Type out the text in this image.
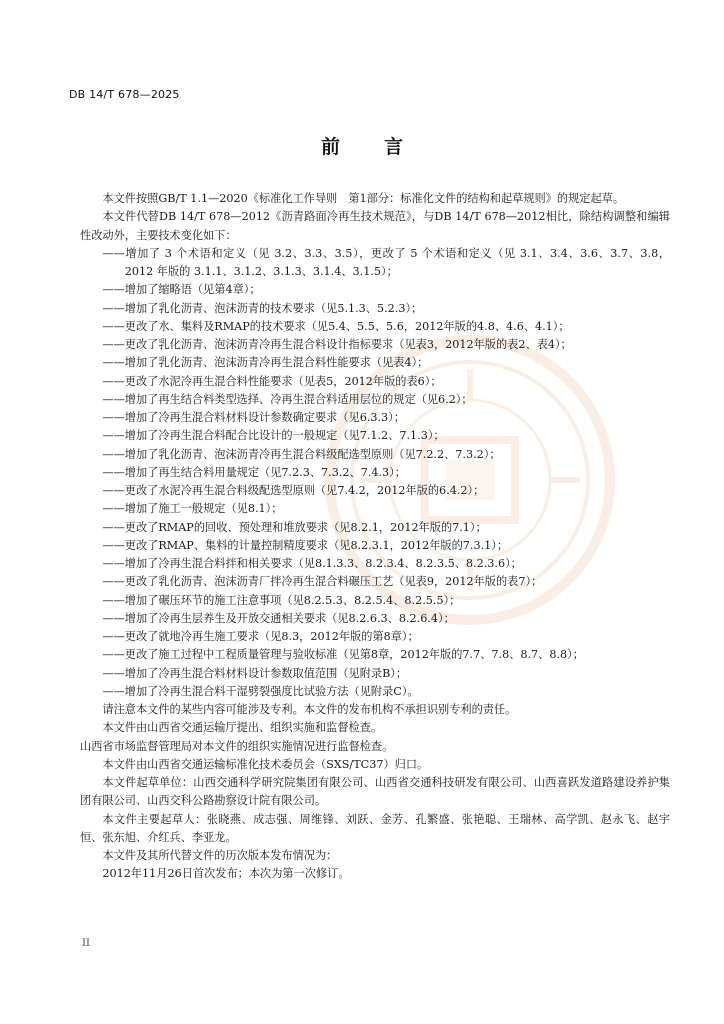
DB 14/T 678—2025
前 言

本文件按照GB/T 1.1—2020《标准化工作导则　第1部分：标准化文件的结构和起草规则》的规定起草。

本文件代替DB 14/T 678—2012《沥青路面冷再生技术规范》，与DB 14/T 678—2012相比，除结构调整和编辑性改动外，主要技术变化如下：

——增加了 3 个术语和定义（见 3.2、3.3、3.5），更改了 5 个术语和定义（见 3.1、3.4、3.6、3.7、3.8，2012 年版的 3.1.1、3.1.2、3.1.3、3.1.4、3.1.5）；

——增加了缩略语（见第4章）；

——增加了乳化沥青、泡沫沥青的技术要求（见5.1.3、5.2.3）；

——更改了水、集料及RMAP的技术要求（见5.4、5.5、5.6，2012年版的4.8、4.6、4.1）；

——更改了乳化沥青、泡沫沥青冷再生混合料设计指标要求（见表3，2012年版的表2、表4）；

——增加了乳化沥青、泡沫沥青冷再生混合料性能要求（见表4）；

——更改了水泥冷再生混合料性能要求（见表5，2012年版的表6）；

——增加了再生结合料类型选择、冷再生混合料适用层位的规定（见6.2）；

——增加了冷再生混合料材料设计参数确定要求（见6.3.3）；

——增加了冷再生混合料配合比设计的一般规定（见7.1.2、7.1.3）；

——增加了乳化沥青、泡沫沥青冷再生混合料级配选型原则（见7.2.2、7.3.2）；

——增加了再生结合料用量规定（见7.2.3、7.3.2、7.4.3）；

——更改了水泥冷再生混合料级配选型原则（见7.4.2，2012年版的6.4.2）；

——增加了施工一般规定（见8.1）；

——更改了RMAP的回收、预处理和堆放要求（见8.2.1，2012年版的7.1）；

——更改了RMAP、集料的计量控制精度要求（见8.2.3.1，2012年版的7.3.1）；

——增加了冷再生混合料拌和相关要求（见8.1.3.3、8.2.3.4、8.2.3.5、8.2.3.6）；

——更改了乳化沥青、泡沫沥青厂拌冷再生混合料碾压工艺（见表9，2012年版的表7）；

——增加了碾压环节的施工注意事项（见8.2.5.3、8.2.5.4、8.2.5.5）；

——增加了冷再生层养生及开放交通相关要求（见8.2.6.3、8.2.6.4）；

——更改了就地冷再生施工要求（见8.3，2012年版的第8章）；

——更改了施工过程中工程质量管理与验收标准（见第8章，2012年版的7.7、7.8、8.7、8.8）；

——增加了冷再生混合料材料设计参数取值范围（见附录B）；

——增加了冷再生混合料干湿劈裂强度比试验方法（见附录C）。

请注意本文件的某些内容可能涉及专利。本文件的发布机构不承担识别专利的责任。

本文件由山西省交通运输厅提出、组织实施和监督检查。

山西省市场监督管理局对本文件的组织实施情况进行监督检查。

本文件由山西省交通运输标准化技术委员会（SXS/TC37）归口。

本文件起草单位：山西交通科学研究院集团有限公司、山西省交通科技研发有限公司、山西喜跃发道路建设养护集团有限公司、山西交科公路勘察设计院有限公司。

本文件主要起草人：张晓燕、成志强、周维锋、刘跃、金芳、孔繁盛、张艳聪、王瑞林、高学凯、赵永飞、赵宇恒、张东旭、介红兵、李亚龙。

本文件及其所代替文件的历次版本发布情况为：

2012年11月26日首次发布；本次为第一次修订。

II
